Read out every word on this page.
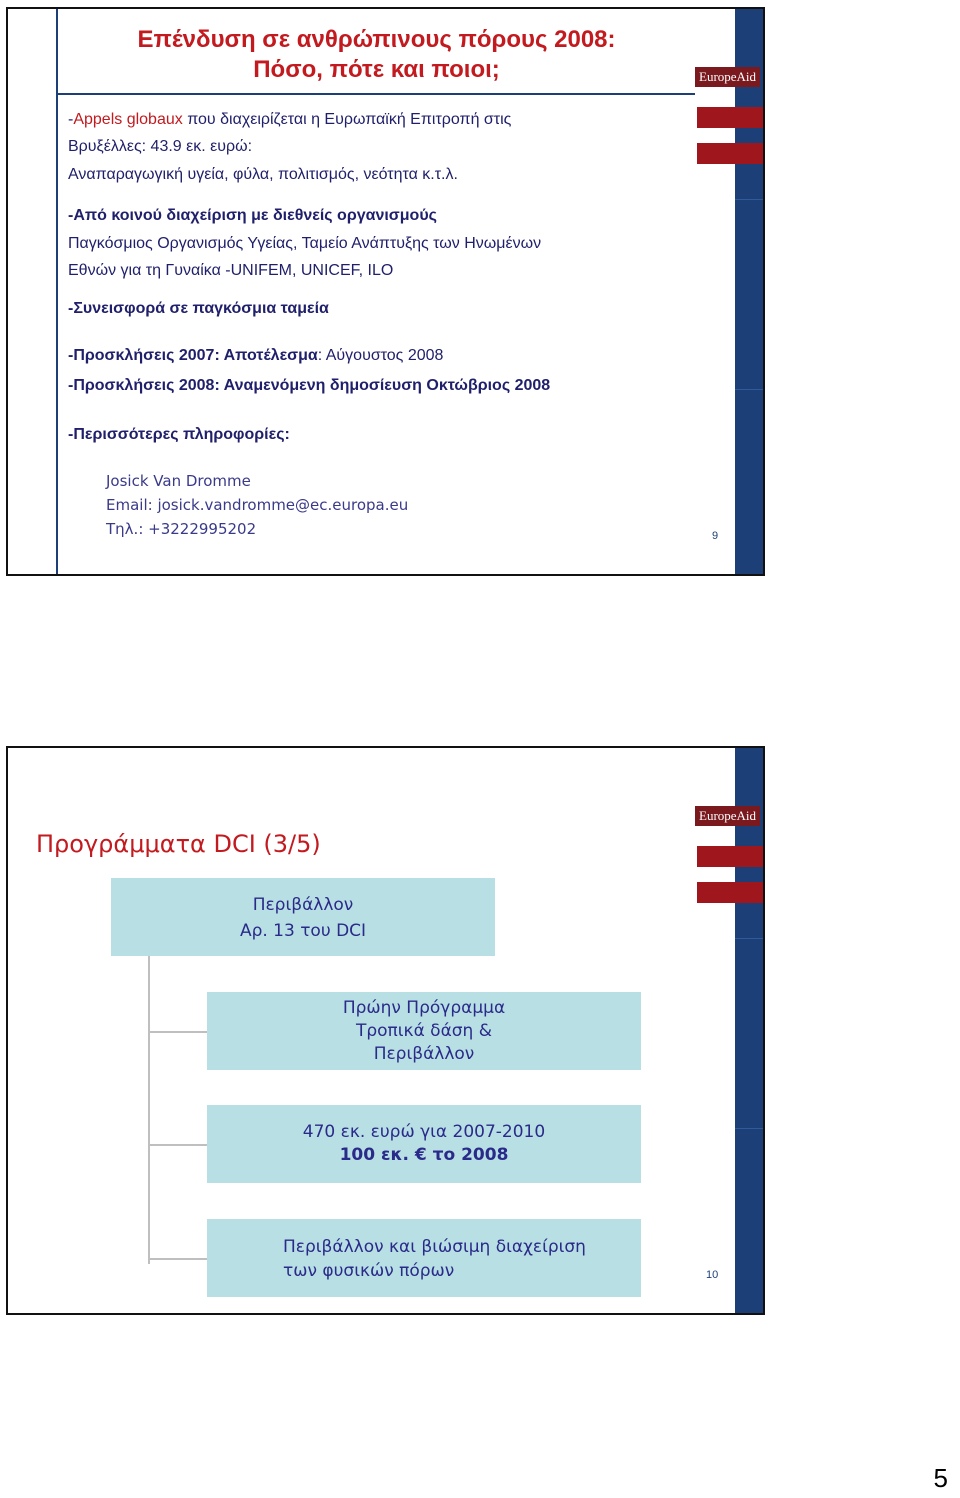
Επένδυση σε ανθρώπινους πόρους 2008:
Πόσο, πότε και ποιοι;	EuropeAid
-Appels globaux που διαχειρίζεται η Ευρωπαϊκή Επιτροπή στις
Βρυξέλλες: 43.9 εκ. ευρώ:
Αναπαραγωγική υγεία, φύλα, πολιτισμός, νεότητα κ.τ.λ.
-Από κοινού διαχείριση με διεθνείς οργανισμούς
Παγκόσμιος Οργανισμός Υγείας, Ταμείο Ανάπτυξης των Ηνωμένων
Εθνών για τη Γυναίκα -UNIFEM, UNICEF, ILO
-Συνεισφορά σε παγκόσμια ταμεία
-Προσκλήσεις 2007: Αποτέλεσμα: Αύγουστος 2008
-Προσκλήσεις 2008: Αναμενόμενη δημοσίευση Οκτώβριος 2008
-Περισσότερες πληροφορίες:
Josick Van Dromme
Email: josick.vandromme@ec.europa.eu
Τηλ.: +3222995202	9
EuropeAid
Προγράμματα DCI (3/5)
Περιβάλλον
Αρ. 13 του DCI
Πρώην Πρόγραμμα
Τροπικά δάση &
Περιβάλλον
470 εκ. ευρώ για 2007-2010
100 εκ. € το 2008
Περιβάλλον και βιώσιμη διαχείριση
των φυσικών πόρων	10
5
